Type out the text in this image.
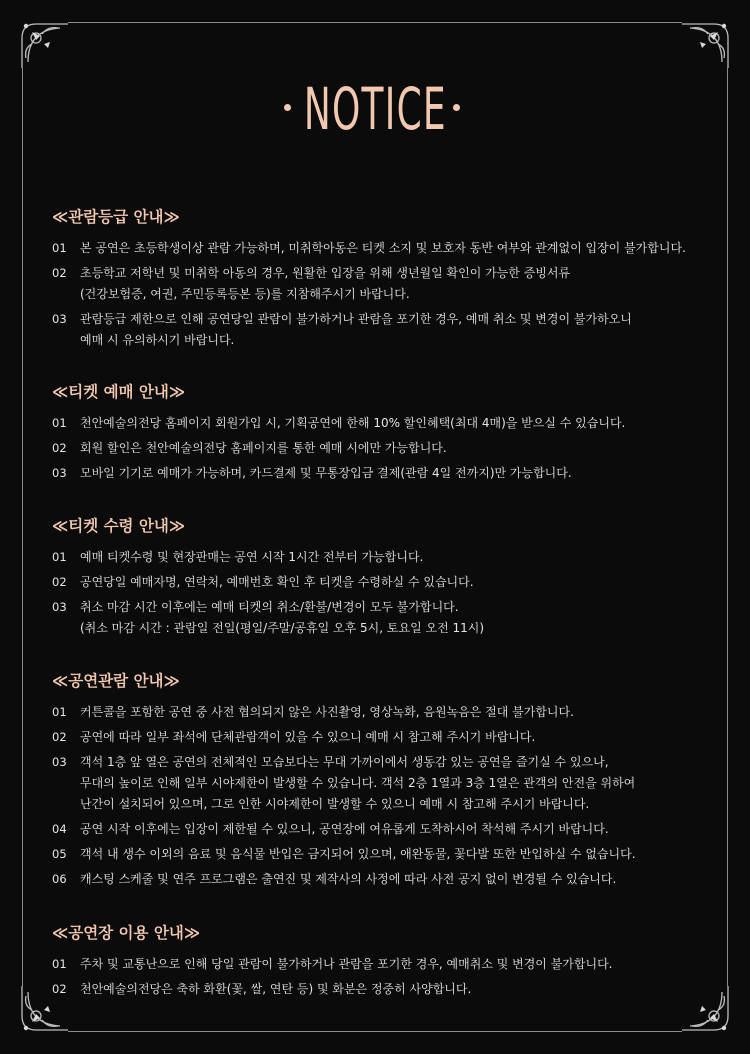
NOTICE
≪관람등급 안내≫
01	본 공연은 초등학생이상 관람 가능하며, 미취학아동은 티켓 소지 및 보호자 동반 여부와 관계없이 입장이 불가합니다.
02	초등학교 저학년 및 미취학 아동의 경우, 원활한 입장을 위해 생년월일 확인이 가능한 증빙서류
(건강보험증, 여권, 주민등록등본 등)를 지참해주시기 바랍니다.
03	관람등급 제한으로 인해 공연당일 관람이 불가하거나 관람을 포기한 경우, 예매 취소 및 변경이 불가하오니
예매 시 유의하시기 바랍니다.
≪티켓 예매 안내≫
01	천안예술의전당 홈페이지 회원가입 시, 기획공연에 한해 10% 할인혜택(최대 4매)을 받으실 수 있습니다.
02	회원 할인은 천안예술의전당 홈페이지를 통한 예매 시에만 가능합니다.
03	모바일 기기로 예매가 가능하며, 카드결제 및 무통장입금 결제(관람 4일 전까지)만 가능합니다.
≪티켓 수령 안내≫
01	예매 티켓수령 및 현장판매는 공연 시작 1시간 전부터 가능합니다.
02	공연당일 예매자명, 연락처, 예매번호 확인 후 티켓을 수령하실 수 있습니다.
03	취소 마감 시간 이후에는 예매 티켓의 취소/환불/변경이 모두 불가합니다.
(취소 마감 시간 : 관람일 전일(평일/주말/공휴일 오후 5시, 토요일 오전 11시)
≪공연관람 안내≫
01	커튼콜을 포함한 공연 중 사전 협의되지 않은 사진촬영, 영상녹화, 음원녹음은 절대 불가합니다.
02	공연에 따라 일부 좌석에 단체관람객이 있을 수 있으니 예매 시 참고해 주시기 바랍니다.
03	객석 1층 앞 열은 공연의 전체적인 모습보다는 무대 가까이에서 생동감 있는 공연을 즐기실 수 있으나,
무대의 높이로 인해 일부 시야제한이 발생할 수 있습니다. 객석 2층 1열과 3층 1열은 관객의 안전을 위하여
난간이 설치되어 있으며, 그로 인한 시야제한이 발생할 수 있으니 예매 시 참고해 주시기 바랍니다.
04	공연 시작 이후에는 입장이 제한될 수 있으니, 공연장에 여유롭게 도착하시어 착석해 주시기 바랍니다.
05	객석 내 생수 이외의 음료 및 음식물 반입은 금지되어 있으며, 애완동물, 꽃다발 또한 반입하실 수 없습니다.
06	캐스팅 스케줄 및 연주 프로그램은 출연진 및 제작사의 사정에 따라 사전 공지 없이 변경될 수 있습니다.
≪공연장 이용 안내≫
01	주차 및 교통난으로 인해 당일 관람이 불가하거나 관람을 포기한 경우, 예매취소 및 변경이 불가합니다.
02	천안예술의전당은 축하 화환(꽃, 쌀, 연탄 등) 및 화분은 정중히 사양합니다.
